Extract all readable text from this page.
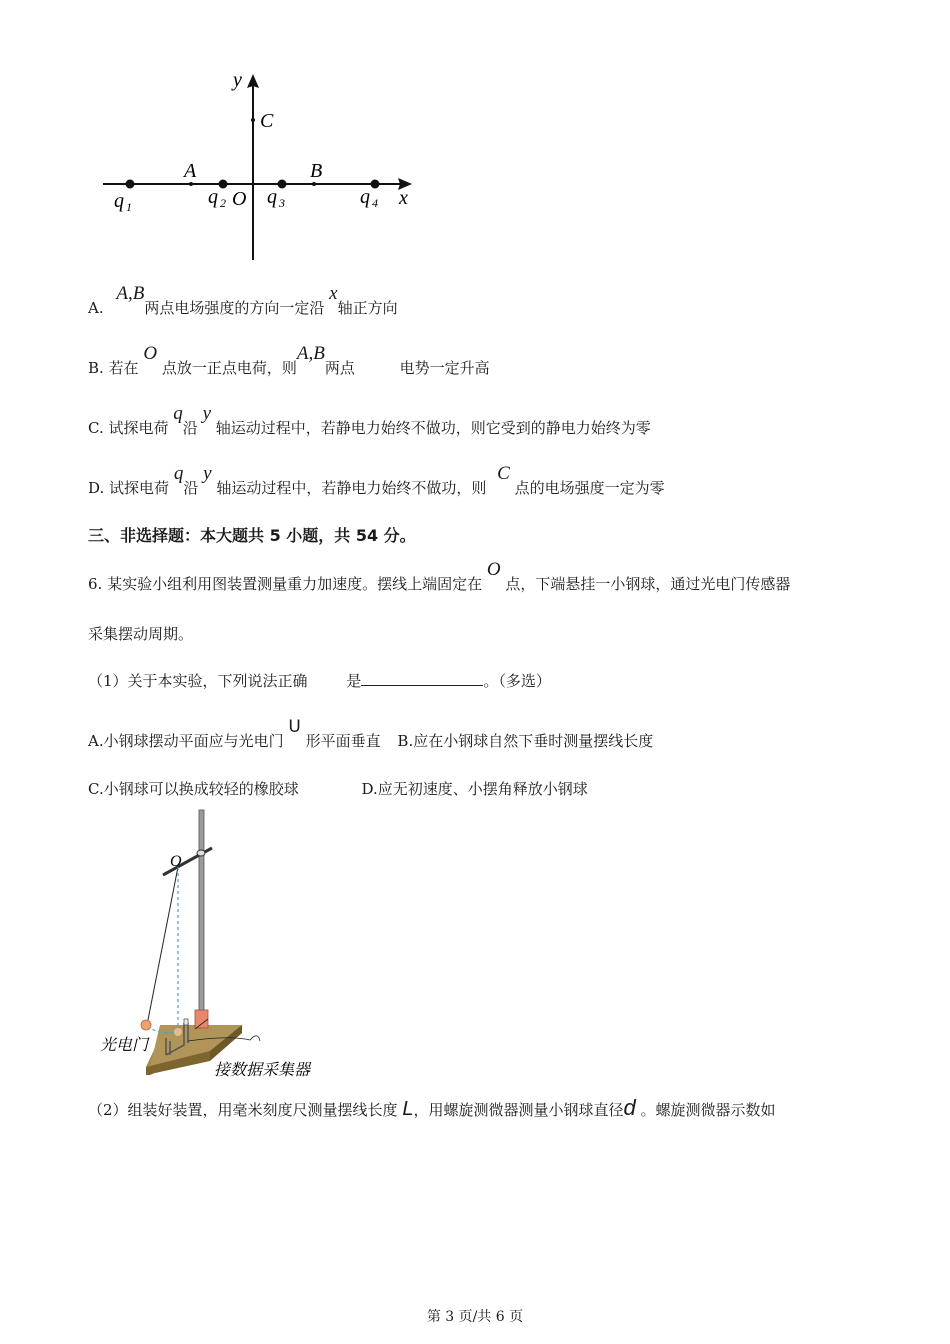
y
x
C
A	B
O
q 1	q 2 q 3	q 4
A. A,B两点电场强度的方向一定沿 x轴正方向
B. 若在 O 点放一正点电荷，则A,B两点	电势一定升高
C. 试探电荷 q沿 y 轴运动过程中，若静电力始终不做功，则它受到的静电力始终为零
D. 试探电荷 q沿 y 轴运动过程中，若静电力始终不做功，则 C 点的电场强度一定为零
三、非选择题：本大题共 5 小题，共 54 分。
6. 某实验小组利用图装置测量重力加速度。摆线上端固定在 O 点，下端悬挂一小钢球，通过光电门传感器
采集摆动周期。
（1）关于本实验，下列说法正确	是	。（多选）
A.小钢球摆动平面应与光电门 U 形平面垂直 B.应在小钢球自然下垂时测量摆线长度
C.小钢球可以换成较轻的橡胶球	D.应无初速度、小摆角释放小钢球
O
光电门
接数据采集器
（2）组装好装置，用毫米刻度尺测量摆线长度 L，用螺旋测微器测量小钢球直径d 。螺旋测微器示数如
第 3 页/共 6 页
